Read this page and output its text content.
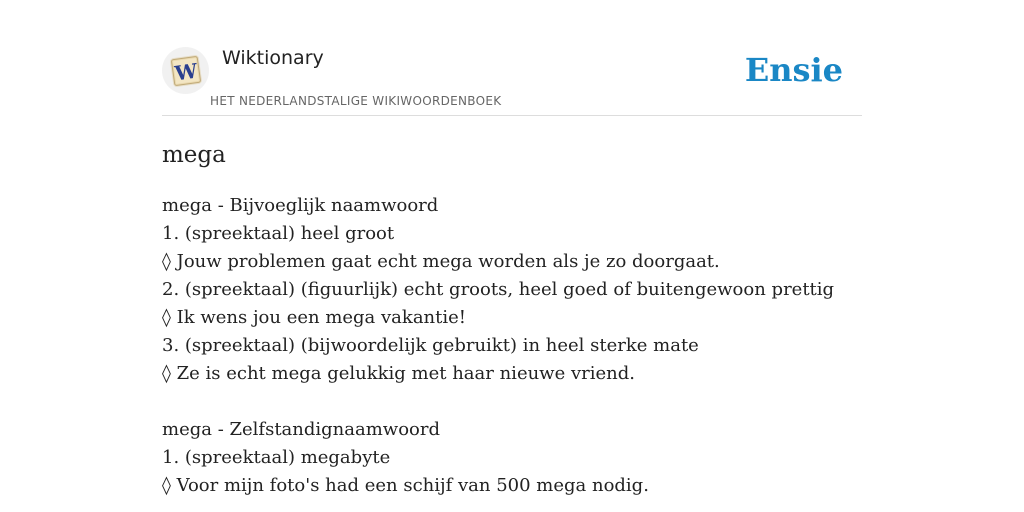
W
Wiktionary
HET NEDERLANDSTALIGE WIKIWOORDENBOEK
Ensie
mega
mega - Bijvoeglijk naamwoord
1. (spreektaal) heel groot
◊ Jouw problemen gaat echt mega worden als je zo doorgaat.
2. (spreektaal) (figuurlijk) echt groots, heel goed of buitengewoon prettig
◊ Ik wens jou een mega vakantie!
3. (spreektaal) (bijwoordelijk gebruikt) in heel sterke mate
◊ Ze is echt mega gelukkig met haar nieuwe vriend.
mega - Zelfstandignaamwoord
1. (spreektaal) megabyte
◊ Voor mijn foto's had een schijf van 500 mega nodig.
